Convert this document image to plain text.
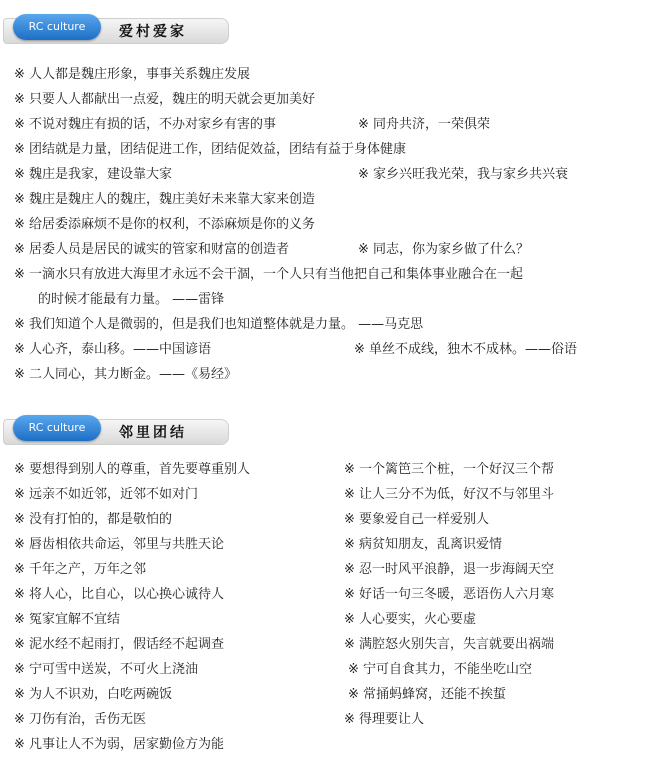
RC culture	爱村爱家
※ 人人都是魏庄形象，事事关系魏庄发展
※ 只要人人都献出一点爱，魏庄的明天就会更加美好
※ 不说对魏庄有损的话，不办对家乡有害的事	※ 同舟共济，一荣俱荣
※ 团结就是力量，团结促进工作，团结促效益，团结有益于身体健康
※ 魏庄是我家，建设靠大家	※ 家乡兴旺我光荣，我与家乡共兴衰
※ 魏庄是魏庄人的魏庄，魏庄美好未来靠大家来创造
※ 给居委添麻烦不是你的权利，不添麻烦是你的义务
※ 居委人员是居民的诚实的管家和财富的创造者	※ 同志，你为家乡做了什么？
※ 一滴水只有放进大海里才永远不会干涸，一个人只有当他把自己和集体事业融合在一起
的时候才能最有力量。 ——雷锋
※ 我们知道个人是微弱的，但是我们也知道整体就是力量。 ——马克思
※ 人心齐，泰山移。——中国谚语	※ 单丝不成线，独木不成林。——俗语
※ 二人同心，其力断金。——《易经》
RC culture	邻里团结
※ 要想得到别人的尊重，首先要尊重别人	※ 一个篱笆三个桩，一个好汉三个帮
※ 远亲不如近邻，近邻不如对门	※ 让人三分不为低，好汉不与邻里斗
※ 没有打怕的，都是敬怕的	※ 要象爱自己一样爱别人
※ 唇齿相依共命运，邻里与共胜天论	※ 病贫知朋友，乱离识爱情
※ 千年之产，万年之邻	※ 忍一时风平浪静，退一步海阔天空
※ 将人心，比自心，以心换心诚待人	※ 好话一句三冬暖，恶语伤人六月寒
※ 冤家宜解不宜结	※ 人心要实，火心要虚
※ 泥水经不起雨打，假话经不起调查	※ 满腔怒火别失言，失言就要出祸端
※ 宁可雪中送炭，不可火上浇油	※ 宁可自食其力，不能坐吃山空
※ 为人不识劝，白吃两碗饭	※ 常捅蚂蜂窝，还能不挨蜇
※ 刀伤有治，舌伤无医	※ 得理要让人
※ 凡事让人不为弱，居家勤俭方为能
